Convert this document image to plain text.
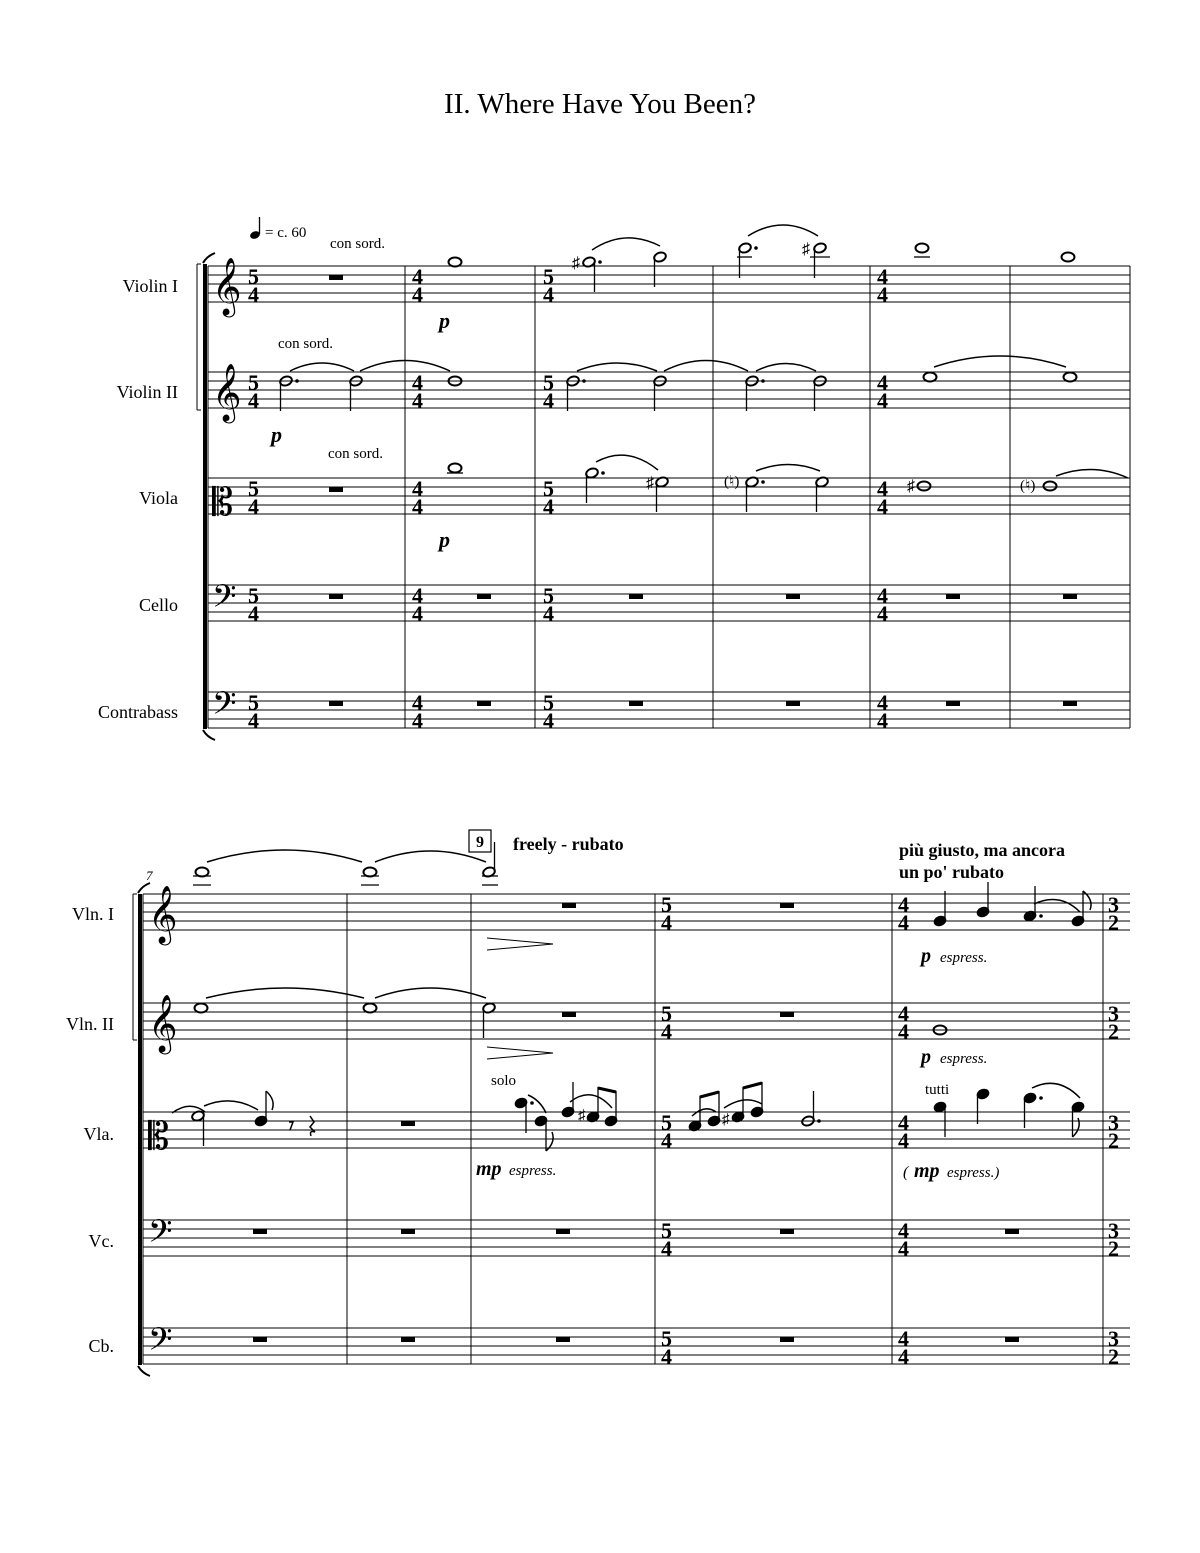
II. Where Have You Been?
= c. 60
Violin I
Violin II
Viola
Cello
Contrabass
𝄞
𝄞
𝄡
𝄢
𝄢
5
4
5
4
5
4
5
4
5
4
4
4
4
4
4
4
4
4
4
4
5
4
5
4
5
4
5
4
5
4
4
4
4
4
4
4
4
4
4
4
con sord.
con sord.
con sord.
p
p
p
♯
♯
♯	(♮)	♯	(♮)
7
9 freely - rubato	più giusto, ma ancora
un po' rubato
Vln. I
Vln. II
Vla.
Vc.
Cb.
𝄞
𝄞
𝄡
𝄢
𝄢
5
4
5
4
5
4
5
4
5
4
4
4
4
4
4
4
4
4
4
4
3
2
3
2
3
2
3
2
3
2
p espress.
p espress.
♯	♯
solo
tutti
mp espress.	( mp espress.)
